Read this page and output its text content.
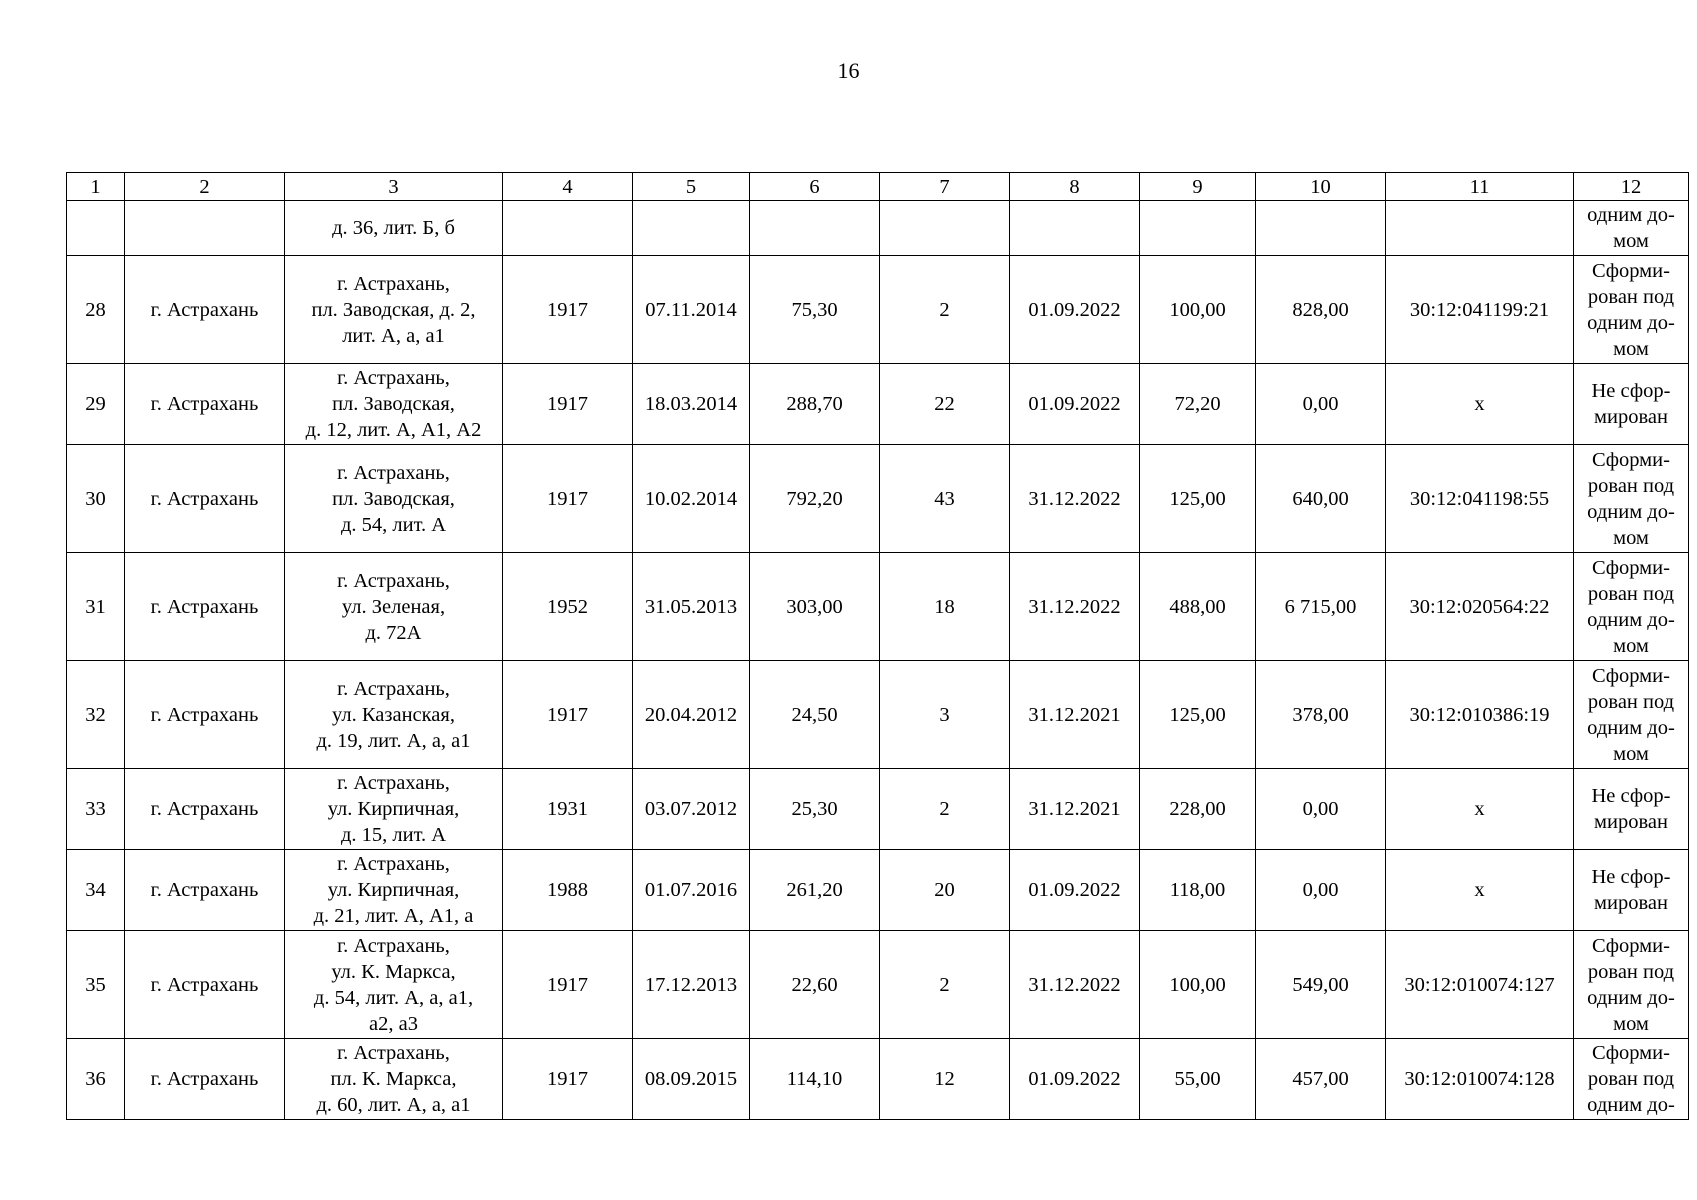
16
1	2	3	4	5	6	7	8	9	10	11	12

		д. 36, лит. Б, б									одним до-
мом

28	г. Астрахань	г. Астрахань,
пл. Заводская, д. 2,
лит. А, а, а1	1917	07.11.2014	75,30	2	01.09.2022	100,00	828,00	30:12:041199:21	Сформи-
рован под
одним до-
мом

29	г. Астрахань	г. Астрахань,
пл. Заводская,
д. 12, лит. А, А1, А2	1917	18.03.2014	288,70	22	01.09.2022	72,20	0,00	х	Не сфор-
мирован

30	г. Астрахань	г. Астрахань,
пл. Заводская,
д. 54, лит. А	1917	10.02.2014	792,20	43	31.12.2022	125,00	640,00	30:12:041198:55	Сформи-
рован под
одним до-
мом

31	г. Астрахань	г. Астрахань,
ул. Зеленая,
д. 72А	1952	31.05.2013	303,00	18	31.12.2022	488,00	6 715,00	30:12:020564:22	Сформи-
рован под
одним до-
мом

32	г. Астрахань	г. Астрахань,
ул. Казанская,
д. 19, лит. А, а, а1	1917	20.04.2012	24,50	3	31.12.2021	125,00	378,00	30:12:010386:19	Сформи-
рован под
одним до-
мом

33	г. Астрахань	г. Астрахань,
ул. Кирпичная,
д. 15, лит. А	1931	03.07.2012	25,30	2	31.12.2021	228,00	0,00	х	Не сфор-
мирован

34	г. Астрахань	г. Астрахань,
ул. Кирпичная,
д. 21, лит. А, А1, а	1988	01.07.2016	261,20	20	01.09.2022	118,00	0,00	х	Не сфор-
мирован

35	г. Астрахань	г. Астрахань,
ул. К. Маркса,
д. 54, лит. А, а, а1,
а2, а3	1917	17.12.2013	22,60	2	31.12.2022	100,00	549,00	30:12:010074:127	Сформи-
рован под
одним до-
мом

36	г. Астрахань	г. Астрахань,
пл. К. Маркса,
д. 60, лит. А, а, а1	1917	08.09.2015	114,10	12	01.09.2022	55,00	457,00	30:12:010074:128	Сформи-
рован под
одним до-
